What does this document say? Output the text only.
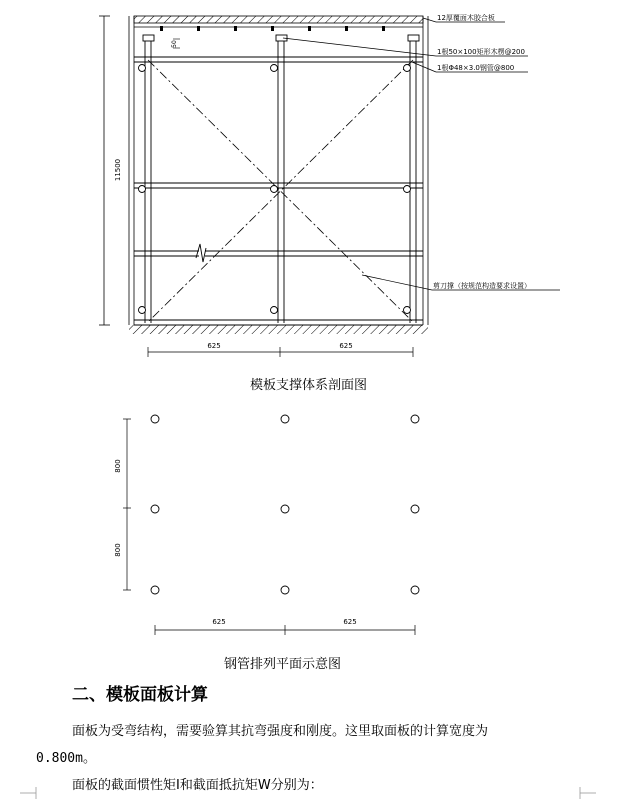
11500
50
12厚覆面木胶合板
1根50×100矩形木楞@200
1根Φ48×3.0钢管@800
剪刀撑（按规范构造要求设置）
625	625
模板支撑体系剖面图
800
800
625	625
钢管排列平面示意图
二、模板面板计算
面板为受弯结构，需要验算其抗弯强度和刚度。这里取面板的计算宽度为
0.800m。
面板的截面惯性矩I和截面抵抗矩W分别为：
